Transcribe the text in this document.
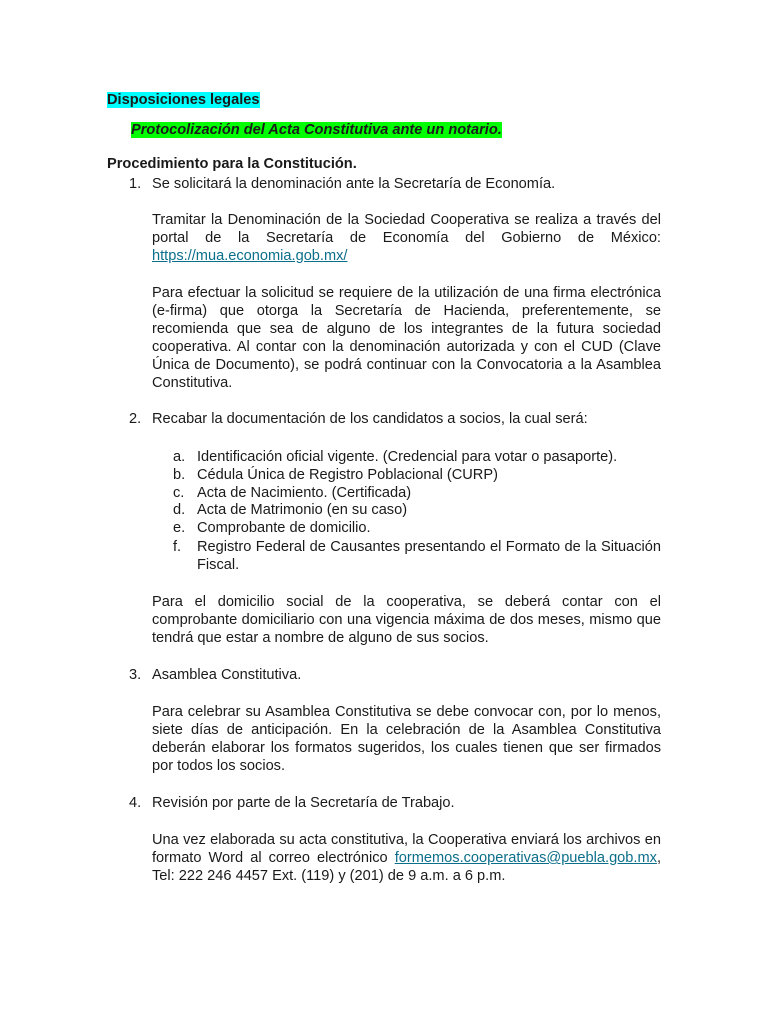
Disposiciones legales
Protocolización del Acta Constitutiva ante un notario.
Procedimiento para la Constitución.
1. Se solicitará la denominación ante la Secretaría de Economía.

Tramitar la Denominación de la Sociedad Cooperativa se realiza a través del portal de la Secretaría de Economía del Gobierno de México: https://mua.economia.gob.mx/

Para efectuar la solicitud se requiere de la utilización de una firma electrónica (e-firma) que otorga la Secretaría de Hacienda, preferentemente, se recomienda que sea de alguno de los integrantes de la futura sociedad cooperativa. Al contar con la denominación autorizada y con el CUD (Clave Única de Documento), se podrá continuar con la Convocatoria a la Asamblea Constitutiva.

2. Recabar la documentación de los candidatos a socios, la cual será:
a. Identificación oficial vigente. (Credencial para votar o pasaporte).
b. Cédula Única de Registro Poblacional (CURP)
c. Acta de Nacimiento. (Certificada)
d. Acta de Matrimonio (en su caso)
e. Comprobante de domicilio.
f.	Registro Federal de Causantes presentando el Formato de la Situación Fiscal.

Para el domicilio social de la cooperativa, se deberá contar con el comprobante domiciliario con una vigencia máxima de dos meses, mismo que tendrá que estar a nombre de alguno de sus socios.

3. Asamblea Constitutiva.

Para celebrar su Asamblea Constitutiva se debe convocar con, por lo menos, siete días de anticipación. En la celebración de la Asamblea Constitutiva deberán elaborar los formatos sugeridos, los cuales tienen que ser firmados por todos los socios.

4. Revisión por parte de la Secretaría de Trabajo.

Una vez elaborada su acta constitutiva, la Cooperativa enviará los archivos en formato Word al correo electrónico formemos.cooperativas@puebla.gob.mx, Tel: 222 246 4457 Ext. (119) y (201) de 9 a.m. a 6 p.m.
